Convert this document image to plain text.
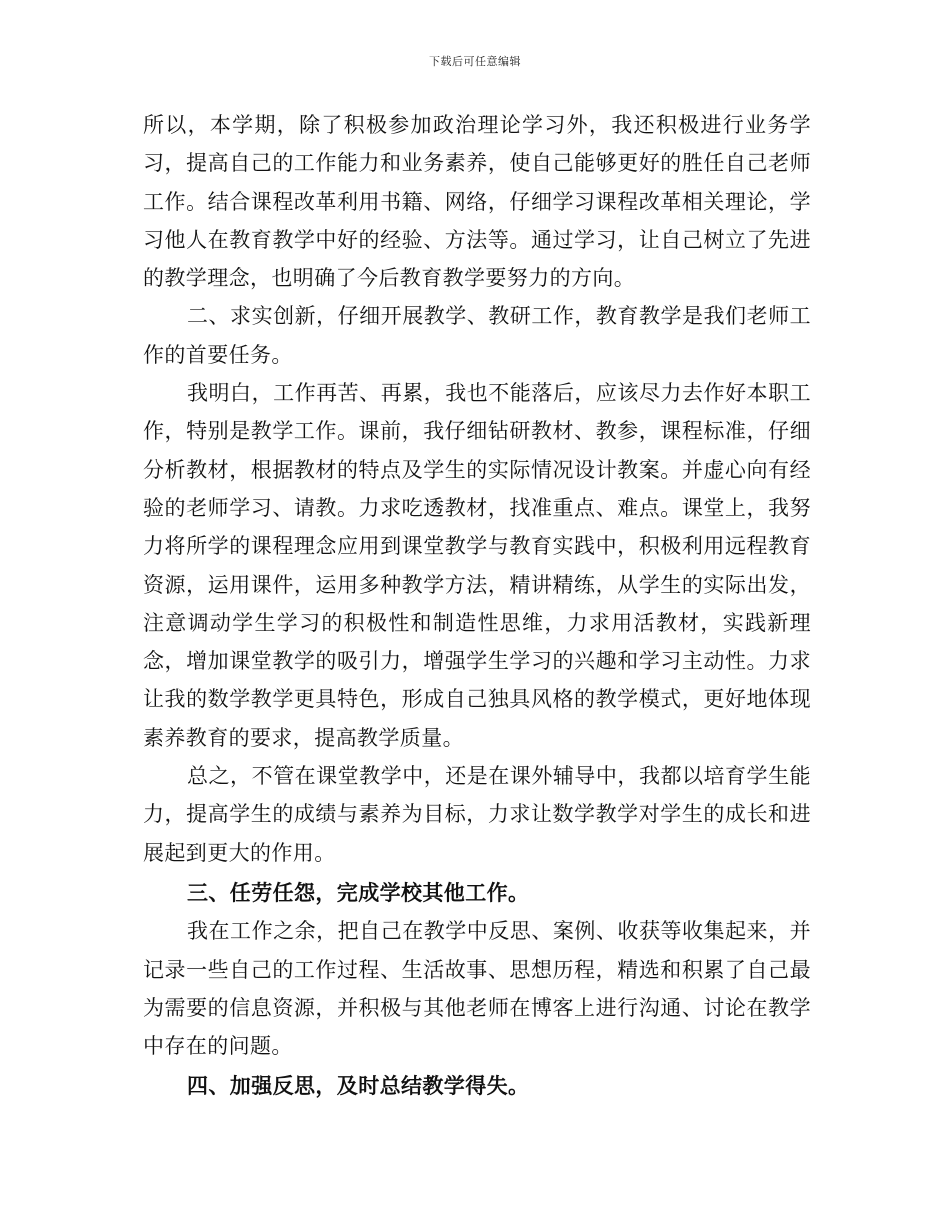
下载后可任意编辑

所以，本学期，除了积极参加政治理论学习外，我还积极进行业务学习，提高自己的工作能力和业务素养，使自己能够更好的胜任自己老师工作。结合课程改革利用书籍、网络，仔细学习课程改革相关理论，学习他人在教育教学中好的经验、方法等。通过学习，让自己树立了先进的教学理念，也明确了今后教育教学要努力的方向。

二、求实创新，仔细开展教学、教研工作，教育教学是我们老师工作的首要任务。

我明白，工作再苦、再累，我也不能落后，应该尽力去作好本职工作，特别是教学工作。课前，我仔细钻研教材、教参，课程标准，仔细分析教材，根据教材的特点及学生的实际情况设计教案。并虚心向有经验的老师学习、请教。力求吃透教材，找准重点、难点。课堂上，我努力将所学的课程理念应用到课堂教学与教育实践中，积极利用远程教育资源，运用课件，运用多种教学方法，精讲精练，从学生的实际出发，注意调动学生学习的积极性和制造性思维，力求用活教材，实践新理念，增加课堂教学的吸引力，增强学生学习的兴趣和学习主动性。力求让我的数学教学更具特色，形成自己独具风格的教学模式，更好地体现素养教育的要求，提高教学质量。

总之，不管在课堂教学中，还是在课外辅导中，我都以培育学生能力，提高学生的成绩与素养为目标，力求让数学教学对学生的成长和进展起到更大的作用。

三、任劳任怨，完成学校其他工作。

我在工作之余，把自己在教学中反思、案例、收获等收集起来，并记录一些自己的工作过程、生活故事、思想历程，精选和积累了自己最为需要的信息资源，并积极与其他老师在博客上进行沟通、讨论在教学中存在的问题。

四、加强反思，及时总结教学得失。
